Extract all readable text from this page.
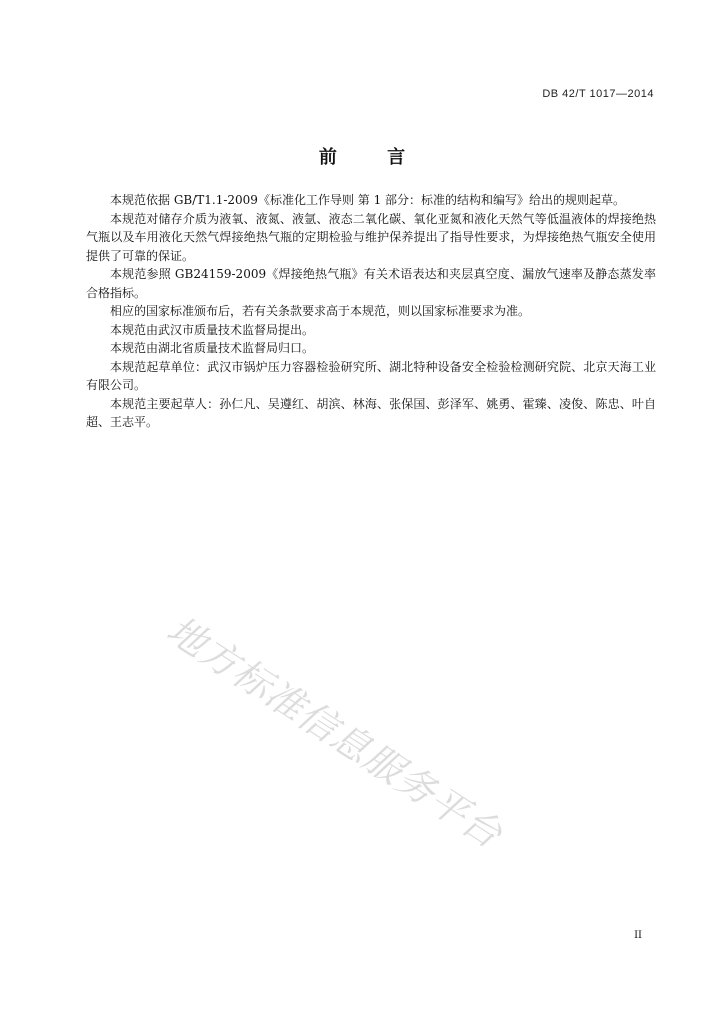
DB 42/T 1017—2014

前 言

本规范依据 GB/T1.1-2009《标准化工作导则 第 1 部分：标准的结构和编写》给出的规则起草。

本规范对储存介质为液氧、液氮、液氩、液态二氧化碳、氧化亚氮和液化天然气等低温液体的焊接绝热气瓶以及车用液化天然气焊接绝热气瓶的定期检验与维护保养提出了指导性要求，为焊接绝热气瓶安全使用提供了可靠的保证。

本规范参照 GB24159-2009《焊接绝热气瓶》有关术语表达和夹层真空度、漏放气速率及静态蒸发率合格指标。

相应的国家标准颁布后，若有关条款要求高于本规范，则以国家标准要求为准。

本规范由武汉市质量技术监督局提出。

本规范由湖北省质量技术监督局归口。

本规范起草单位：武汉市锅炉压力容器检验研究所、湖北特种设备安全检验检测研究院、北京天海工业有限公司。

本规范主要起草人：孙仁凡、吴遵红、胡滨、林海、张保国、彭泽军、姚勇、霍臻、凌俊、陈忠、叶自超、王志平。

地方标准信息服务平台

II
